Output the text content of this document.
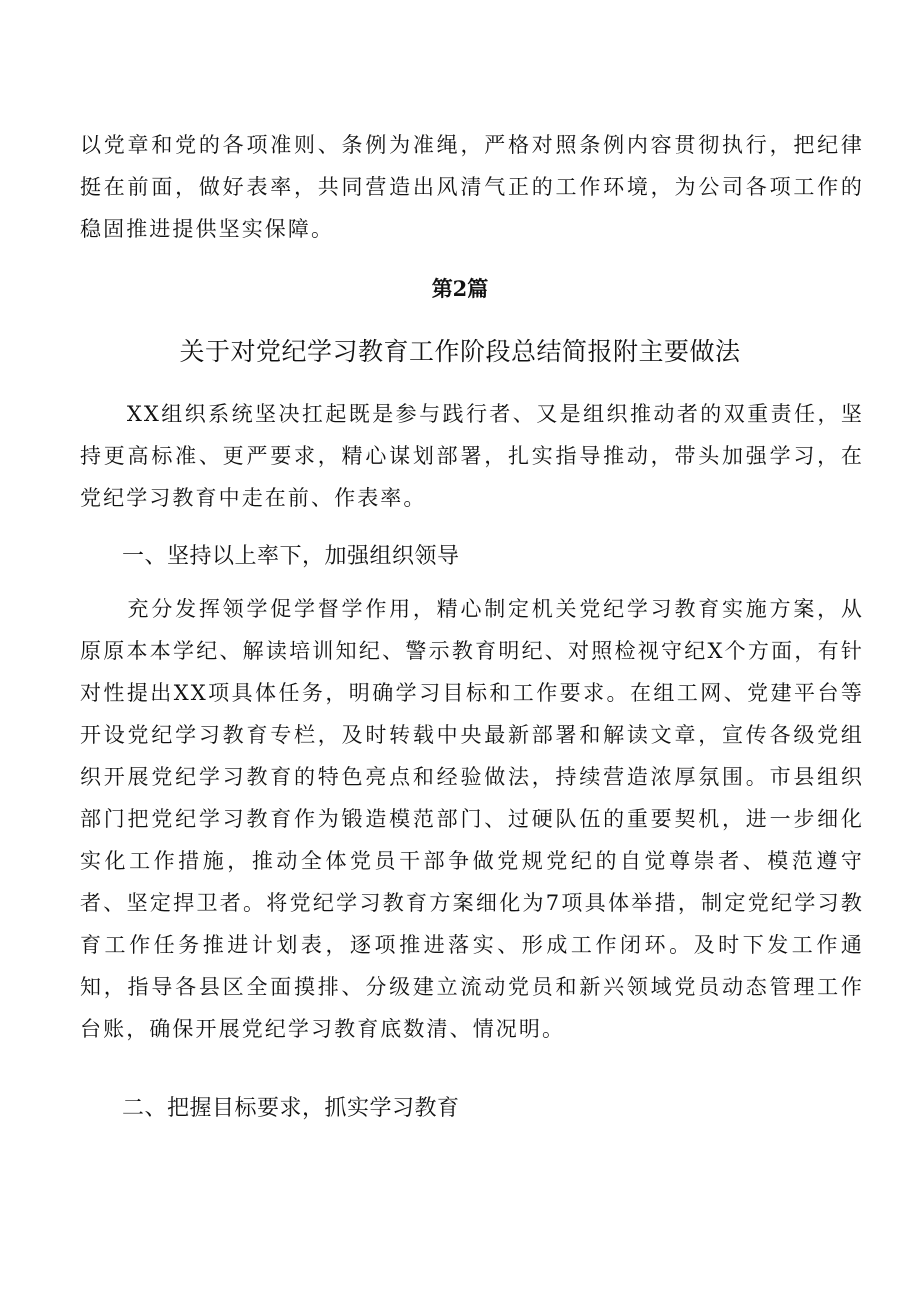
以党章和党的各项准则、条例为准绳，严格对照条例内容贯彻执行，把纪律挺在前面，做好表率，共同营造出风清气正的工作环境，为公司各项工作的稳固推进提供坚实保障。

第2篇

关于对党纪学习教育工作阶段总结简报附主要做法

　　XX组织系统坚决扛起既是参与践行者、又是组织推动者的双重责任，坚持更高标准、更严要求，精心谋划部署，扎实指导推动，带头加强学习，在党纪学习教育中走在前、作表率。

一、坚持以上率下，加强组织领导

　　充分发挥领学促学督学作用，精心制定机关党纪学习教育实施方案，从原原本本学纪、解读培训知纪、警示教育明纪、对照检视守纪X个方面，有针对性提出XX项具体任务，明确学习目标和工作要求。在组工网、党建平台等开设党纪学习教育专栏，及时转载中央最新部署和解读文章，宣传各级党组织开展党纪学习教育的特色亮点和经验做法，持续营造浓厚氛围。市县组织部门把党纪学习教育作为锻造模范部门、过硬队伍的重要契机，进一步细化实化工作措施，推动全体党员干部争做党规党纪的自觉尊崇者、模范遵守者、坚定捍卫者。将党纪学习教育方案细化为7项具体举措，制定党纪学习教育工作任务推进计划表，逐项推进落实、形成工作闭环。及时下发工作通知，指导各县区全面摸排、分级建立流动党员和新兴领域党员动态管理工作台账，确保开展党纪学习教育底数清、情况明。

二、把握目标要求，抓实学习教育
